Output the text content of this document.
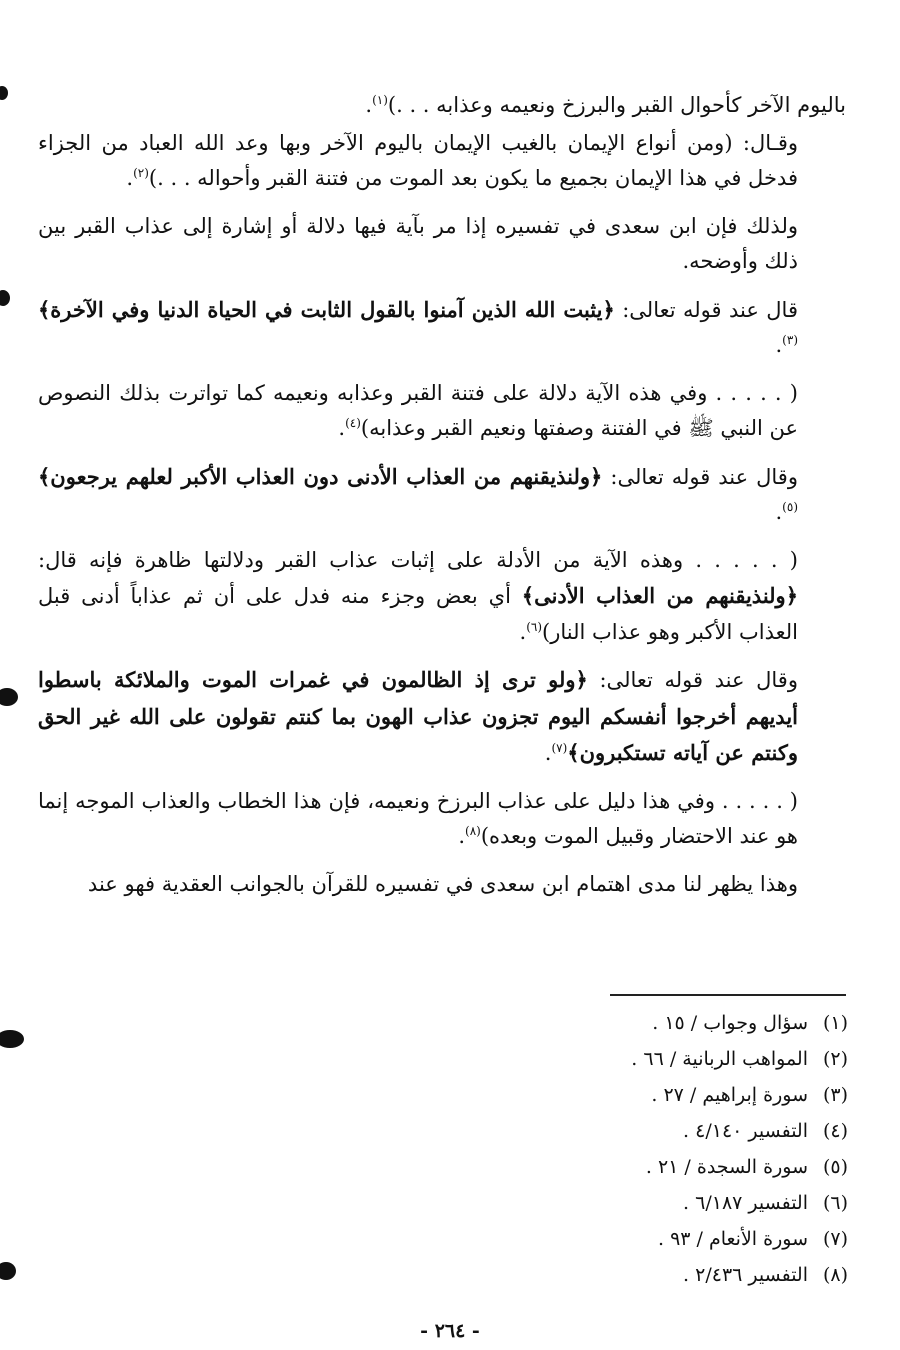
باليوم الآخر كأحوال القبر والبرزخ ونعيمه وعذابه . . .)$^{(١)}$.

وقـال: (ومن أنواع الإيمان بالغيب الإيمان باليوم الآخر وبها وعد الله العباد من الجزاء فدخل في هذا الإيمان بجميع ما يكون بعد الموت من فتنة القبر وأحواله . . .)$^{(٢)}$.

ولذلك فإن ابن سعدى في تفسيره إذا مر بآية فيها دلالة أو إشارة إلى عذاب القبر بين ذلك وأوضحه.

قال عند قوله تعالى: ﴿يثبت الله الذين آمنوا بالقول الثابت في الحياة الدنيا وفي الآخرة﴾$^{(٣)}$.

( . . . . . وفي هذه الآية دلالة على فتنة القبر وعذابه ونعيمه كما تواترت بذلك النصوص عن النبي ﷺ في الفتنة وصفتها ونعيم القبر وعذابه)$^{(٤)}$.

وقال عند قوله تعالى: ﴿ولنذيقنهم من العذاب الأدنى دون العذاب الأكبر لعلهم يرجعون﴾$^{(٥)}$.

( . . . . . وهذه الآية من الأدلة على إثبات عذاب القبر ودلالتها ظاهرة فإنه قال: ﴿ولنذيقنهم من العذاب الأدنى﴾ أي بعض وجزء منه فدل على أن ثم عذاباً أدنى قبل العذاب الأكبر وهو عذاب النار)$^{(٦)}$.

وقال عند قوله تعالى: ﴿ولو ترى إذ الظالمون في غمرات الموت والملائكة باسطوا أيديهم أخرجوا أنفسكم اليوم تجزون عذاب الهون بما كنتم تقولون على الله غير الحق وكنتم عن آياته تستكبرون﴾$^{(٧)}$.

( . . . . . وفي هذا دليل على عذاب البرزخ ونعيمه، فإن هذا الخطاب والعذاب الموجه إنما هو عند الاحتضار وقبيل الموت وبعده)$^{(٨)}$.

وهذا يظهر لنا مدى اهتمام ابن سعدى في تفسيره للقرآن بالجوانب العقدية فهو عند

(١)سؤال وجواب / ١٥ .
(٢)المواهب الربانية / ٦٦ .
(٣)سورة إبراهيم / ٢٧ .
(٤)التفسير ٤/١٤٠ .
(٥)سورة السجدة / ٢١ .
(٦)التفسير ٦/١٨٧ .
(٧)سورة الأنعام / ٩٣ .
(٨)التفسير ٢/٤٣٦ .
- ٢٦٤ -
